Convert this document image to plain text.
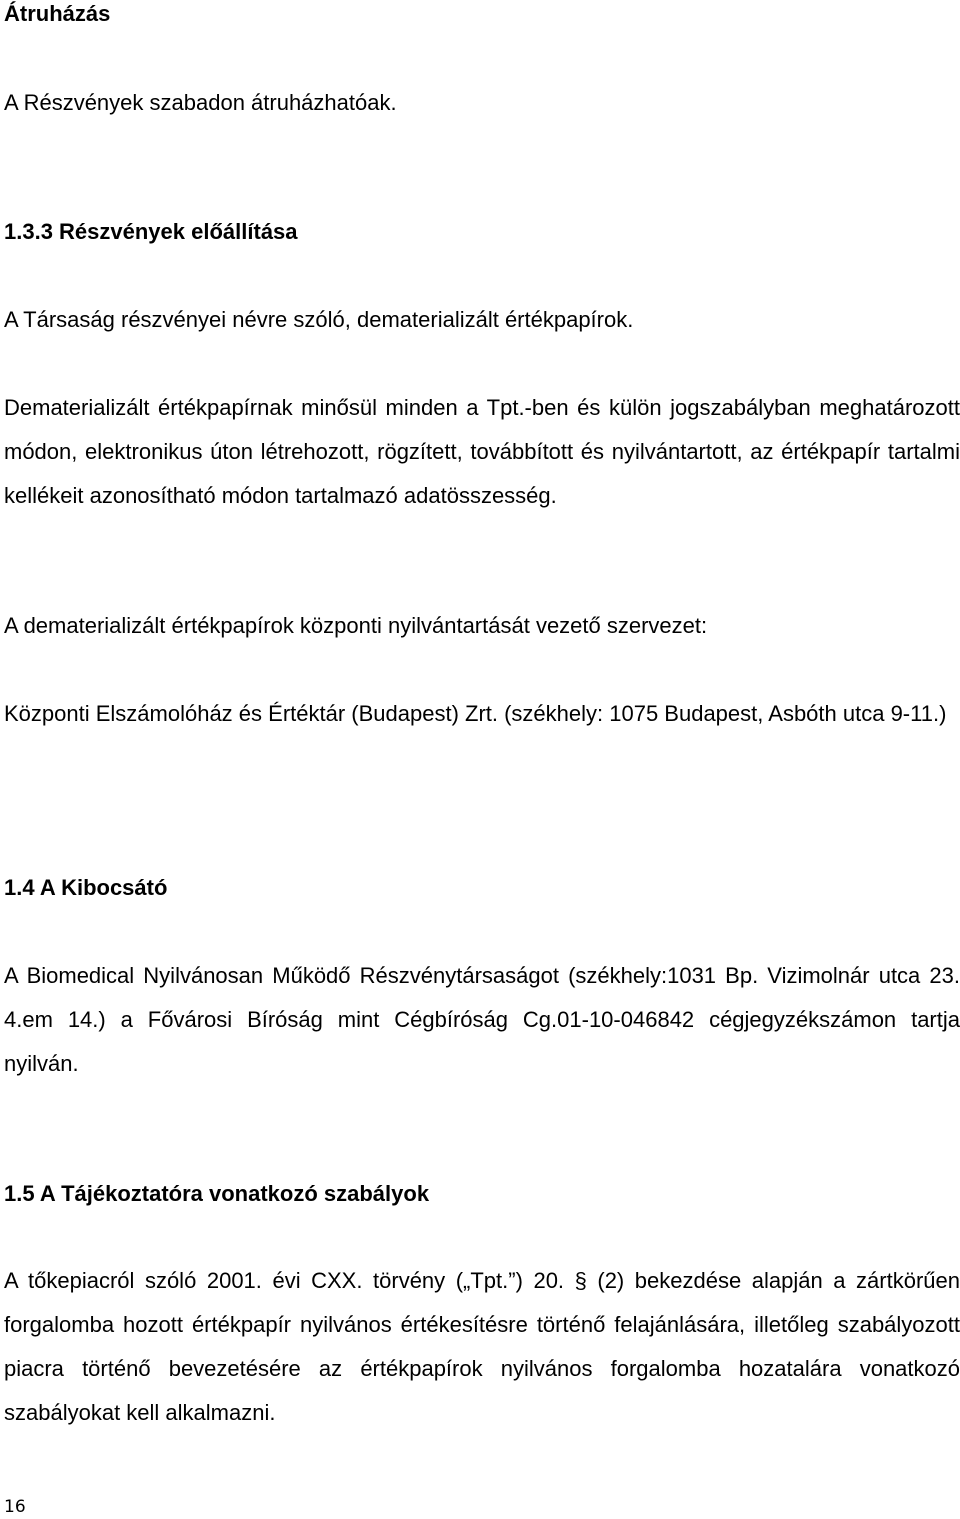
Átruházás

A Részvények szabadon átruházhatóak.

1.3.3 Részvények előállítása

A Társaság részvényei névre szóló, dematerializált értékpapírok.

Dematerializált értékpapírnak minősül minden a Tpt.-ben és külön jogszabályban meghatározott módon, elektronikus úton létrehozott, rögzített, továbbított és nyilvántartott, az értékpapír tartalmi kellékeit azonosítható módon tartalmazó adatösszesség.

A dematerializált értékpapírok központi nyilvántartását vezető szervezet:

Központi Elszámolóház és Értéktár (Budapest) Zrt. (székhely: 1075 Budapest, Asbóth utca 9-11.)

1.4 A Kibocsátó

A Biomedical Nyilvánosan Működő Részvénytársaságot (székhely:1031 Bp. Vizimolnár utca 23. 4.em 14.) a Fővárosi Bíróság mint Cégbíróság Cg.01-10-046842 cégjegyzékszámon tartja nyilván.

1.5 A Tájékoztatóra vonatkozó szabályok

A tőkepiacról szóló 2001. évi CXX. törvény („Tpt.”) 20. § (2) bekezdése alapján a zártkörűen forgalomba hozott értékpapír nyilvános értékesítésre történő felajánlására, illetőleg szabályozott piacra történő bevezetésére az értékpapírok nyilvános forgalomba hozatalára vonatkozó szabályokat kell alkalmazni.

16
